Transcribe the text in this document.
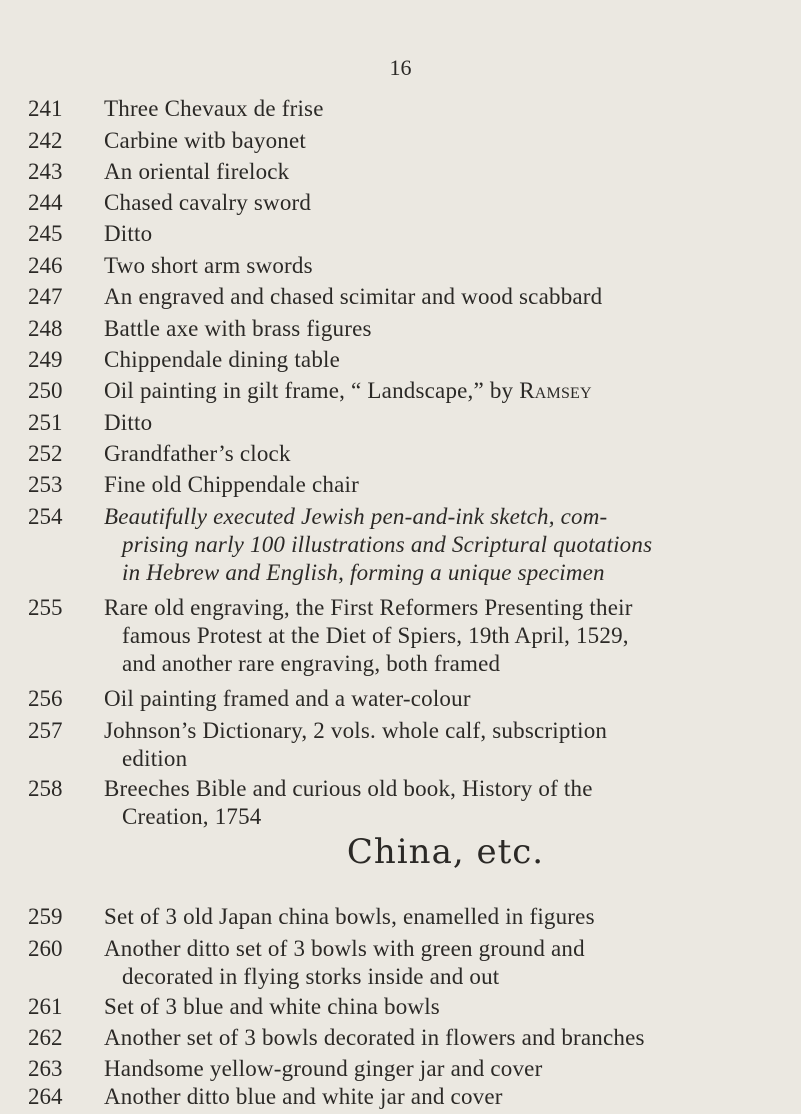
16
241	Three Chevaux de frise
242	Carbine witb bayonet
243	An oriental firelock
244	Chased cavalry sword
245	Ditto
246	Two short arm swords
247	An engraved and chased scimitar and wood scabbard
248	Battle axe with brass figures
249	Chippendale dining table
250	Oil painting in gilt frame, “ Landscape,” by Ramsey
251	Ditto
252	Grandfather’s clock
253	Fine old Chippendale chair
254	Beautifully executed Jewish pen-and-ink sketch, com-
prising narly 100 illustrations and Scriptural quotations
in Hebrew and English, forming a unique specimen
255	Rare old engraving, the First Reformers Presenting their
famous Protest at the Diet of Spiers, 19th April, 1529,
and another rare engraving, both framed
256	Oil painting framed and a water-colour
257	Johnson’s Dictionary, 2 vols. whole calf, subscription
edition
258	Breeches Bible and curious old book, History of the
Creation, 1754
China, etc.
259	Set of 3 old Japan china bowls, enamelled in figures
260	Another ditto set of 3 bowls with green ground and
decorated in flying storks inside and out
261	Set of 3 blue and white china bowls
262	Another set of 3 bowls decorated in flowers and branches
263	Handsome yellow-ground ginger jar and cover
264	Another ditto blue and white jar and cover
